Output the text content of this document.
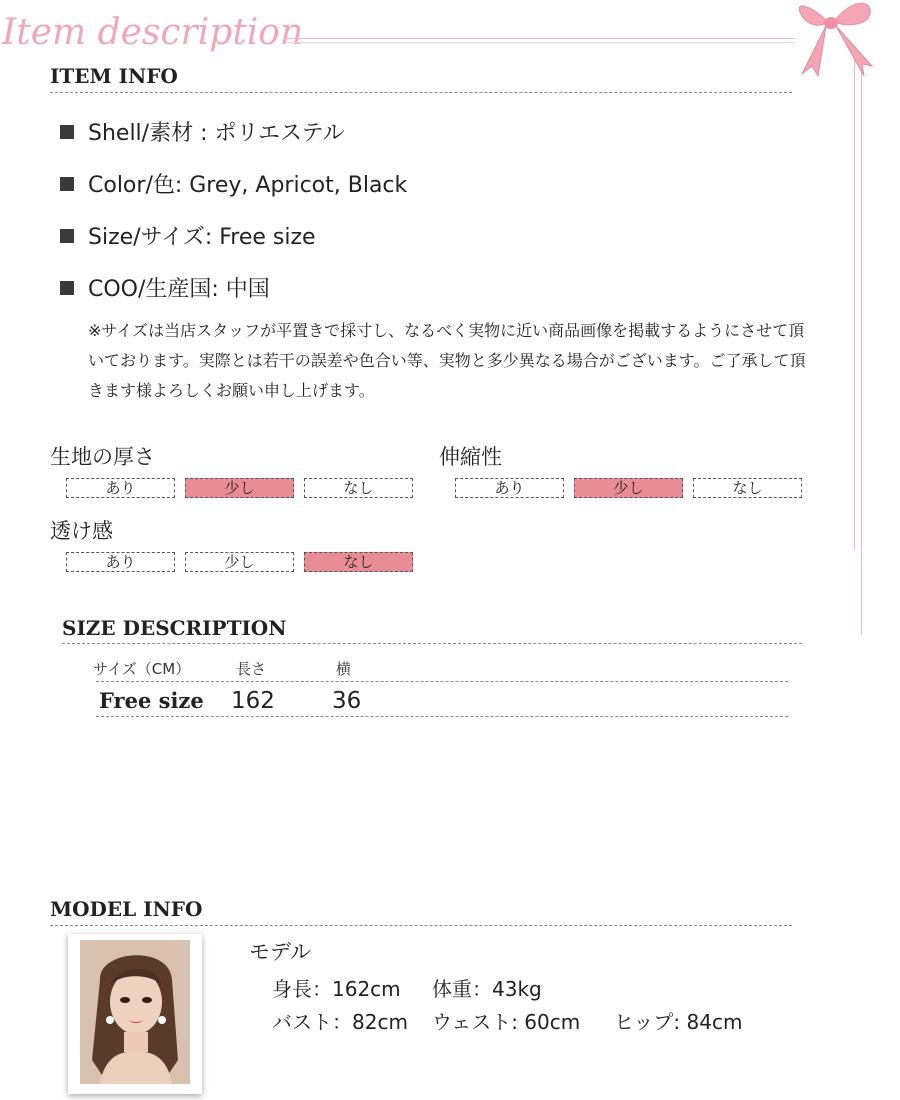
Item description
ITEM INFO
Shell/素材 : ポリエステル
Color/色: Grey, Apricot, Black
Size/サイズ: Free size
COO/生産国: 中国
※サイズは当店スタッフが平置きで採寸し、なるべく実物に近い商品画像を掲載するようにさせて頂いております。実際とは若干の誤差や色合い等、実物と多少異なる場合がございます。ご了承して頂きます様よろしくお願い申し上げます。
生地の厚さ
あり	少し	なし
伸縮性
あり	少し	なし
透け感
あり	少し	なし
SIZE DESCRIPTION
サイズ（CM）	長さ	横
Free size 162 36
MODEL INFO
モデル
身長：162cm 体重：43kg
バスト：82cm ウェスト: 60cm ヒップ: 84cm
